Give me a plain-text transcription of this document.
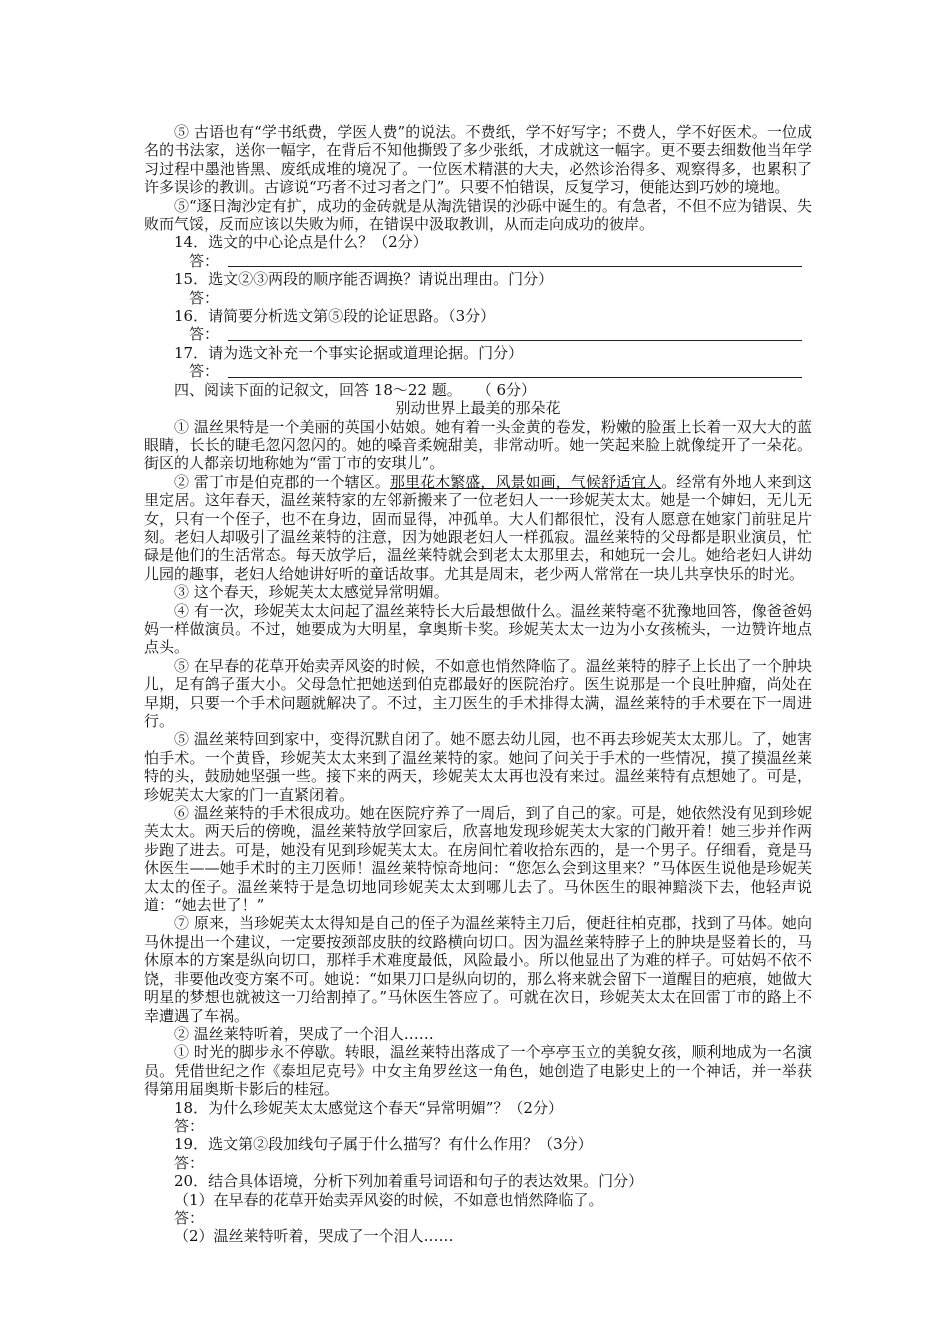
⑤ 古语也有“学书纸费，学医人费”的说法。不费纸，学不好写字；不费人，学不好医术。一位成名的书法家，送你一幅字，在背后不知他撕毁了多少张纸，才成就这一幅字。更不要去细数他当年学习过程中墨池皆黑、废纸成堆的境况了。一位医术精湛的大夫，必然诊治得多、观察得多，也累积了许多误诊的教训。古谚说“巧者不过习者之门”。只要不怕错误，反复学习，便能达到巧妙的境地。

⑤“逐日淘沙定有扩，成功的金砖就是从淘洗错误的沙砾中诞生的。有急者，不但不应为错误、失败而气馁，反而应该以失败为师，在错误中汲取教训，从而走向成功的彼岸。

14．选文的中心论点是什么？（2分）

答：

15．选文②③两段的顺序能否调换？请说出理由。门分）

答：

16．请简要分析选文第⑤段的论证思路。（3分）

答：

17．请为选文补充一个事实论据或道理论据。门分）

答：

四、阅读下面的记叙文，回答 18～22 题。　　（ 6分）

别动世界上最美的那朵花

① 温丝果特是一个美丽的英国小姑娘。她有着一头金黄的卷发，粉嫩的脸蛋上长着一双大大的蓝眼睛，长长的睫毛忽闪忽闪的。她的嗓音柔婉甜美，非常动听。她一笑起来脸上就像绽开了一朵花。街区的人都亲切地称她为“雷丁市的安琪儿”。

② 雷丁市是伯克郡的一个辖区。那里花木繁盛，风景如画，气候舒适宜人。经常有外地人来到这里定居。这年春天，温丝莱特家的左邻新搬来了一位老妇人一一珍妮芙太太。她是一个婶妇，无儿无女，只有一个侄子，也不在身边，固而显得，冲孤单。大人们都很忙，没有人愿意在她家门前驻足片刻。老妇人却吸引了温丝莱特的注意，因为她跟老妇人一样孤寂。温丝莱特的父母都是职业演员，忙碌是他们的生活常态。每天放学后，温丝莱特就会到老太太那里去，和她玩一会儿。她给老妇人讲幼儿园的趣事，老妇人给她讲好听的童话故事。尤其是周末，老少两人常常在一块儿共享快乐的时光。

③ 这个春天，珍妮芙太太感觉异常明媚。

④ 有一次，珍妮芙太太问起了温丝莱特长大后最想做什么。温丝莱特毫不犹豫地回答，像爸爸妈妈一样做演员。不过，她要成为大明星，拿奥斯卡奖。珍妮芙太太一边为小女孩梳头，一边赞许地点点头。

⑤ 在早春的花草开始卖弄风姿的时候，不如意也悄然降临了。温丝莱特的脖子上长出了一个肿块儿，足有鸽子蛋大小。父母急忙把她送到伯克郡最好的医院治疗。医生说那是一个良吐肿瘤，尚处在早期，只要一个手术问题就解决了。不过，主刀医生的手术排得太满，温丝莱特的手术要在下一周进行。

⑤ 温丝莱特回到家中，变得沉默自闭了。她不愿去幼儿园，也不再去珍妮芙太太那儿。了，她害怕手术。一个黄昏，珍妮芙太太来到了温丝莱特的家。她问了问关于手术的一些情况，摸了摸温丝莱特的头，鼓励她坚强一些。接下来的两天，珍妮芙太太再也没有来过。温丝莱特有点想她了。可是，珍妮芙太大家的门一直紧闭着。

⑥ 温丝莱特的手术很成功。她在医院疗养了一周后，到了自己的家。可是，她依然没有见到珍妮芙太太。两天后的傍晚，温丝莱特放学回家后，欣喜地发现珍妮芙太大家的门敞开着！她三步并作两步跑了进去。可是，她没有见到珍妮芙太太。在房间忙着收拾东西的，是一个男子。仔细看，竟是马休医生——她手术时的主刀医师！温丝莱特惊奇地问：“您怎么会到这里来？”马体医生说他是珍妮芙太太的侄子。温丝莱特于是急切地同珍妮芙太太到哪儿去了。马休医生的眼神黯淡下去，他轻声说道：“她去世了！”

⑦ 原来，当珍妮芙太太得知是自己的侄子为温丝莱特主刀后，便赶往柏克郡，找到了马体。她向马休提出一个建议，一定要按颈部皮肤的纹路横向切口。因为温丝莱特脖子上的肿块是竖着长的，马休原本的方案是纵向切口，那样手术难度最低，风险最小。所以他显出了为难的样子。可姑妈不依不饶，非要他改变方案不可。她说：“如果刀口是纵向切的，那么将来就会留下一道醒目的疤痕，她做大明星的梦想也就被这一刀给割掉了。”马休医生答应了。可就在次日，珍妮芙太太在回雷丁市的路上不幸遭遇了车祸。

② 温丝莱特听着，哭成了一个泪人……

① 时光的脚步永不停歇。转眼，温丝莱特出落成了一个亭亭玉立的美貌女孩，顺利地成为一名演员。凭借世纪之作《泰坦尼克号》中女主角罗丝这一角色，她创造了电影史上的一个神话，并一举获得第用届奥斯卡影后的桂冠。

18．为什么珍妮芙太太感觉这个春天“异常明媚”？（2分）

答：

19．选文第②段加线句子属于什么描写？有什么作用？（3分）

答：

20．结合具体语境，分析下列加着重号词语和句子的表达效果。门分）

（1）在早春的花草开始卖弄风姿的时候，不如意也悄然降临了。

答：

（2）温丝莱特听着，哭成了一个泪人……
